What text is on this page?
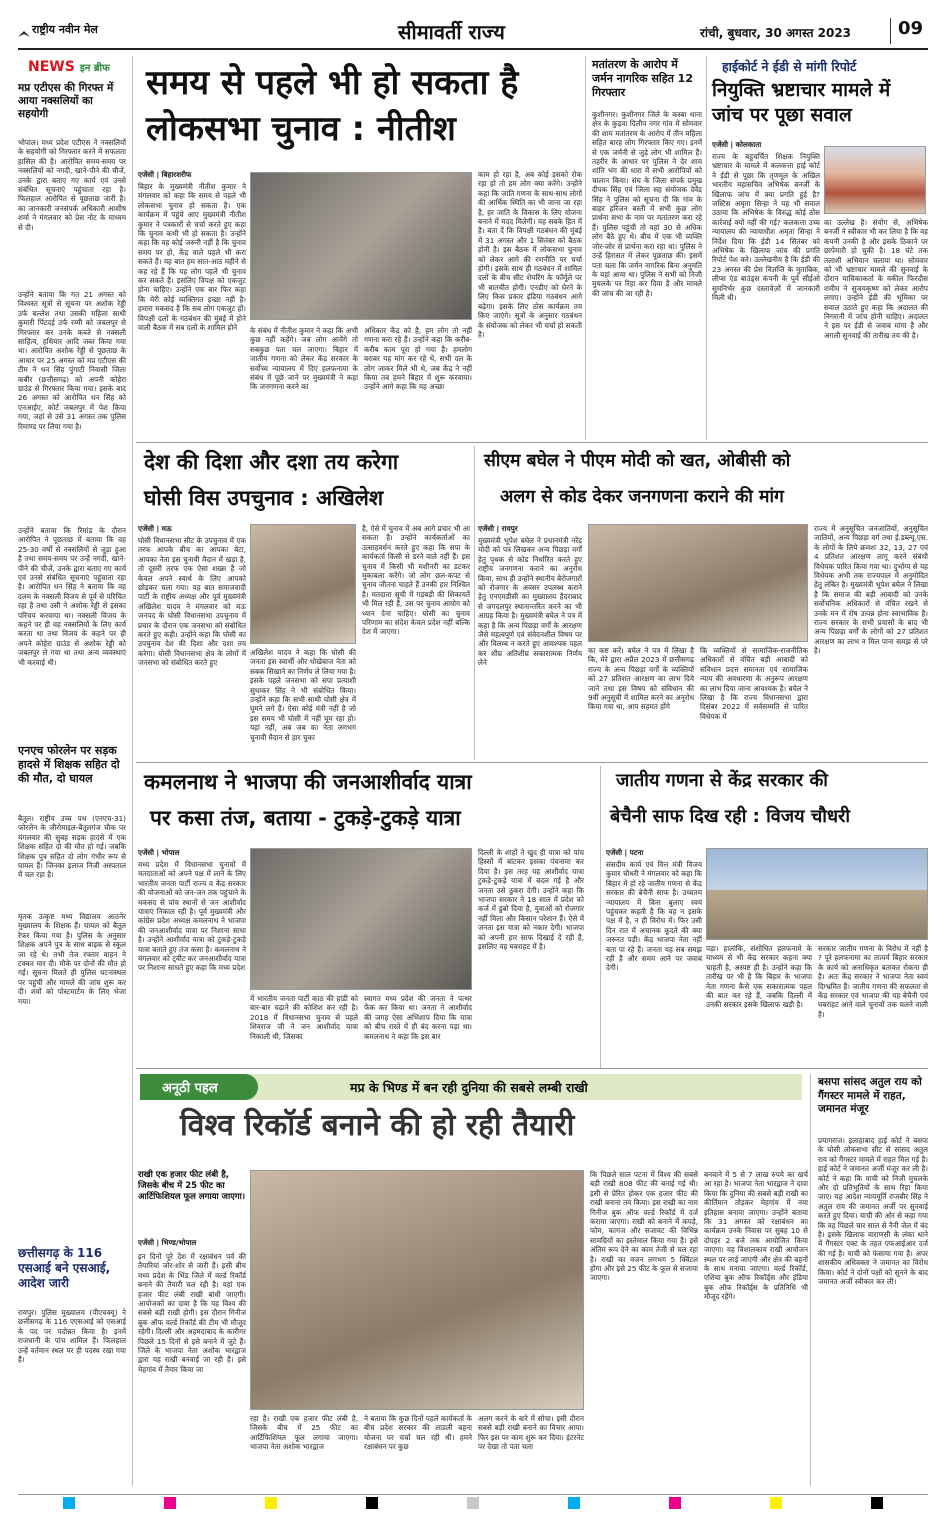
राष्ट्रीय नवीन मेल	सीमावर्ती राज्य	रांची, बुधवार, 30 अगस्त 2023	09
NEWS इन ब्रीफ
मप्र एटीएस की गिरफ्त में आया नक्सलियों का सहयोगी
भोपाल। मध्य प्रदेश एटीएस ने नक्सलियों के सहयोगी को गिरफ्तार करने में सफलता हासिल की है। आरोपित समय-समय पर नक्सलियों को नगदी, खाने-पीने की चीजें, उनके द्वारा बताए गए कार्य एवं उनसे संबंधित सूचनाएं पहुंचाता रहा है। फिलहाल आरोपित से पूछताछ जारी है। का जानकारी जनसंपर्क अधिकारी आशीष शर्मा ने मंगलवार को प्रेस नोट के माध्यम से दी।
उन्होंने बताया कि गत 21 अगस्त को विश्वस्त सूत्रों से सूचना पर अशोक रेड्डी उर्फ बल्लेश तथा उसकी महिला साथी कुमारी पिंटदई उर्फ रम्मी को जबलपुर से गिरफ्तार कर उनके कब्जे से नक्सली साहित्य, हथियार आदि जब्त किया गया था। आरोपित अशोक रेड्डी से पूछताछ के आधार पर 25 अगस्त को मप्र एटीएस की टीम ने धन सिंह पुंगाटी निवासी जिला कबीर (छत्तीसगढ़) को अपनी कोहेरा ग्राउंड से गिरफ्तार किया गया। इसके बाद 26 अगस्त को आरोपित धन सिंह को एनआईए, कोर्ट जबलपुर में पेश किया गया, जहां से उसे 31 अगस्त तक पुलिस रिमाण्ड पर लिया गया है।
उन्होंने बताया कि रिमांड के दौरान आरोपित ने पूछताछ में बताया कि वह 25-30 वर्षों से नक्सलियों से जुड़ा हुआ है तथा समय-समय पर उन्हें नगदी, खाने-पीने की चीजें, उनके द्वारा बताए गए कार्य एवं उनसे संबंधित सूचनाएं पहुंचाता रहा है। आरोपित धन सिंह ने बताया कि वह दलम के नक्सली विजय से पूर्व से परिचित रहा है तथा उसी ने अशोक रेड्डी से इसका परिचय करवाया था। नक्सली विजय के कहने पर ही वह नक्सलियों के लिए कार्य करता था तथा विजय के कहने पर ही अपने कोहेरा ग्राउंड से अशोक रेड्डी को जबलपुर ले गया था तथा अन्य व्यवस्थाएं भी करवाई थी।
एनएच फोरलेन पर सड़क हादसे में शिक्षक सहित दो की मौत, दो घायल
बैतूल। राष्ट्रीय उच्च पथ (एनएच-31) फोरलेन के जीरोमाइल-बैतूलगंज चौक पर मंगलवार की सुबह सड़क हादसे में एक शिक्षक सहित दो की मौत हो गई। जबकि शिक्षक पुत्र सहित दो लोग गंभीर रूप से घायल हैं। जिनका इलाज निजी अस्पताल में चल रहा है।
मृतक उत्कृष्ट मध्य विद्यालय आठनेर मुख्यालय के शिक्षक हैं। घायल को बैतूल रेफर किया गया है। पुलिस के अनुसार शिक्षक अपने पुत्र के साथ बाइक से स्कूल जा रहे थे। तभी तेज रफ्तार वाहन ने टक्कर मार दी। मौके पर दोनों की मौत हो गई। सूचना मिलते ही पुलिस घटनास्थल पर पहुंची और मामले की जांच शुरू कर दी। शवों को पोस्टमार्टम के लिए भेजा गया।
छत्तीसगढ़ के 116 एसआई बने एसआई, आदेश जारी
रायपुर। पुलिस मुख्यालय (पीएचक्यू) ने छत्तीसगढ़ के 116 एएसआई को एसआई के पद पर पदोन्नत किया है। इनमें राजधानी के पांच शामिल हैं। फिलहाल उन्हें वर्तमान स्थल पर ही पदस्थ रखा गया है।
समय से पहले भी हो सकता है लोकसभा चुनाव : नीतीश
एजेंसी | बिहारशरीफ
बिहार के मुख्यमंत्री नीतीश कुमार ने मंगलवार को कहा कि समय से पहले भी लोकसभा चुनाव हो सकता है। एक कार्यक्रम में पहुंचे आए मुख्यमंत्री नीतीश कुमार ने पत्रकारों से चर्चा करते हुए कहा कि चुनाव कभी भी हो सकता है। उन्होंने कहा कि वह कोई जरूरी नहीं है कि चुनाव समय पर हो, केंद्र वाले पहले भी करा सकते हैं। यह बात हम सात-आठ महीने से कह रहे हैं कि यह लोग पहले भी चुनाव कर सकते हैं। इसलिए विपक्ष को एकजुट होना चाहिए। उन्होंने एक बार फिर कहा कि मेरी कोई व्यक्तिगत इच्छा नहीं है। हमारा मकसद है कि सब लोग एकजुट हों। विपक्षी दलों के गठबंधन की मुंबई में होने वाली बैठक में सब दलों के शामिल होने	के संबंध में नीतीश कुमार ने कहा कि अभी कुछ नहीं कहेंगे। जब लोग आयेंगे तो सबकुछ पता चल जाएगा। बिहार में जातीय गणना को लेकर केंद्र सरकार के सर्वोच्च न्यायालय में दिए हलफनामा के संबंध में पूछे जाने पर मुख्यमंत्री ने कहा कि जनगणना करने का
अधिकार केंद्र को है, हम लोग तो नहीं गणना करा रहे हैं। उन्होंने कहा कि करीब-करीब काम पूरा हो गया है। हमलोग बराबर यह मांग कर रहे थे, सभी दल के लोग जाकर मिले भी थे, जब केंद्र ने नहीं किया तब हमने बिहार में शुरू करवाया। उन्होंने आगे कहा कि यह अच्छा
काम हो रहा है, अब कोई इसको रोक रहा हो तो हम लोग क्या करेंगे। उन्होंने कहा कि जाति गणना के साथ-साथ लोगों की आर्थिक स्थिति का भी जाना जा रहा है, हर जाति के विकास के लिए योजना बनाने में मदद मिलेगी। यह सबके हित में है। बता दें कि विपक्षी गठबंधन की मुंबई में 31 अगस्त और 1 सितंबर को बैठक होनी है। इस बैठक में लोकसभा चुनाव को लेकर आगे की रणनीति पर चर्चा होगी। इसके साथ ही गठबंधन में शामिल दलों के बीच सीट शेयरिंग के फॉर्मूले पर भी बातचीत होगी। एनडीए को घेरने के लिए किस प्रकार इंडिया गठबंधन आगे बढ़ेगा। इसके लिए ठोस कार्यक्रम तय किए जाएंगे। सूत्रों के अनुसार गठबंधन के संयोजक को लेकर भी चर्चा हो सकती है।
मतांतरण के आरोप में जर्मन नागरिक सहित 12 गिरफ्तार
कुशीनगर। कुशीनगर जिले के कस्बा थाना क्षेत्र के कुड़वा दिलीप नगर गांव में सोमवार की शाम मतांतरण के आरोप में तीन महिला सहित बारह लोग गिरफ्तार किए गए। इनमें से एक जर्मनी से जुड़े लोग भी शामिल हैं। तहरीर के आधार पर पुलिस ने देर शाम शांति भंग की धारा में सभी आरोपियों को चालान किया। संघ के जिला संपर्क प्रमुख दीपक सिंह एवं जिला सह संयोजक देवेंद्र सिंह ने पुलिस को सूचना दी कि गांव के बाहर हरिजन बस्ती में सभी कुछ लोग प्रार्थना सभा के नाम पर मतांतरण करा रहे हैं। पुलिस पहुंची तो वहां 30 से अधिक लोग बैठे हुए थे। बीच में एक भी व्यक्ति जोर-जोर से प्रार्थना करा रहा था। पुलिस ने उन्हें हिरासत में लेकर पूछताछ की। इसमें पता चला कि जर्मन नागरिक बिना अनुमति के यहां आया था। पुलिस ने सभी को निजी मुचलके पर रिहा कर दिया है और मामले की जांच की जा रही है।
हाईकोर्ट ने ईडी से मांगी रिपोर्ट
नियुक्ति भ्रष्टाचार मामले में जांच पर पूछा सवाल
एजेंसी | कोलकाता
राज्य के बहुचर्चित शिक्षक नियुक्ति भ्रष्टाचार के मामले में कलकत्ता हाई कोर्ट ने ईडी से पूछा कि तृणमूल के अखिल भारतीय महासचिव अभिषेक बनर्जी के खिलाफ जांच में क्या प्रगति हुई है? जस्टिस अमृता सिन्हा ने यह भी सवाल उठाया कि अभिषेक के विरुद्ध कोई ठोस कार्रवाई क्यों नहीं की गई? कलकत्ता उच्च न्यायालय की न्यायाधीश अमृता सिन्हा ने निर्देश दिया कि ईडी 14 सितंबर को अभिषेक के खिलाफ जांच की प्रगति रिपोर्ट पेश करे। उल्लेखनीय है कि ईडी की 23 अगस्त की प्रेस विज्ञप्ति के मुताबिक, लीप्स एंड बाउंड्स कंपनी के पूर्व सीईओ सुमनिर्भर कुछ दस्तावेज़ों में जानकारी मिली थी।
का उल्लेख है। संयोग से, अभिषेक बनर्जी ने स्वीकार भी कर लिया है कि वह कंपनी उनकी है और इसके ठिकाने पर छापेमारी हो चुकी है। 18 घंटे तक तलाशी अभियान चलाया था। सोमवार को भी भ्रष्टाचार मामले की सुनवाई के दौरान याचिकाकर्ता के वकील फिरदौस शमीम ने सुजयकृष्ण को लेकर आरोप लगाए। उन्होंने ईडी की भूमिका पर सवाल उठाते हुए कहा कि अदालत की निगरानी में जांच होनी चाहिए। अदालत ने इस पर ईडी से जवाब मांगा है और अगली सुनवाई की तारीख तय की है।
देश की दिशा और दशा तय करेगा
घोसी विस उपचुनाव : अखिलेश
एजेंसी | मऊ
घोसी विधानसभा सीट के उपचुनाव में एक तरफ आपके बीच का आपका बेटा, आपका नेता इस चुनावी मैदान में खड़ा है, तो दूसरी तरफ एक ऐसा शख्स है जो केवल अपने स्वार्थ के लिए आपको छोड़कर चला गया। यह बात समाजवादी पार्टी के राष्ट्रीय अध्यक्ष और पूर्व मुख्यमंत्री अखिलेश यादव ने मंगलवार को मऊ जनपद के घोसी विधानसभा उपचुनाव में प्रचार के दौरान एक जनसभा को संबोधित करते हुए कही। उन्होंने कहा कि घोसी का उपचुनाव देश की दिशा और दशा तय करेगा। घोसी विधानसभा क्षेत्र के लोगों में जनसभा को संबोधित करते हुए
अखिलेश यादव ने कहा कि घोसी की जनता इस स्वार्थी और धोखेबाज नेता को सबक सिखाने का निर्णय ले लिया गया है। इसके पहले जनसभा को सपा प्रत्याशी सुधाकर सिंह ने भी संबोधित किया। उन्होंने कहा कि सभी साथी घोसी क्षेत्र में घूमने लगे हैं। ऐसा कोई मंत्री नहीं है जो इस समय भी घोसी में नहीं घूम रहा हो। यहां नहीं, अब जब का नेता लगभग चुनावी मैदान से हार चुका
है, ऐसे में चुनाव में अब आगे प्रचार भी आ सकता है। उन्होंने कार्यकर्ताओं का उत्साहवर्धन करते हुए कहा कि सपा के कार्यकर्ता किसी से डरने वाले नहीं हैं। इस चुनाव में किसी भी मशीनरी का डटकर मुकाबला करेंगे। जो लोग छल-कपट से चुनाव जीतना चाहते हैं उनकी हार निश्चित है। मतदाता सूची में गड़बड़ी की शिकायतें भी मिल रही हैं, उस पर चुनाव आयोग को ध्यान देना चाहिए। घोसी का चुनाव परिणाम का संदेश केवल प्रदेश नहीं बल्कि देश में जाएगा।
सीएम बघेल ने पीएम मोदी को खत, ओबीसी को
अलग से कोड देकर जनगणना कराने की मांग
एजेंसी | रायपुर
मुख्यमंत्री भूपेश बघेल ने प्रधानमंत्री नरेंद्र मोदी को पत्र लिखकर अन्य पिछड़ा वर्गों हेतु पृथक से कोड निर्धारित करते हुए राष्ट्रीय जनगणना कराने का अनुरोध किया, साथ ही उन्होंने स्थानीय बेरोजगारों को रोजगार के अवसर उपलब्ध कराने हेतु एनएमडीसी का मुख्यालय हैदराबाद से जगदलपुर स्थानान्तरित करने का भी आग्रह किया है। मुख्यमंत्री बघेल ने पत्र में कहा है कि अन्य पिछड़ा वर्गों के आरक्षण जैसे महत्वपूर्ण एवं संवेदनशील विषय पर और विलम्ब न करते हुए आवश्यक पहल कर शीघ्र अतिशीघ्र सकारात्मक निर्णय लेने
का कष्ट करें। बघेल ने पत्र में लिखा है कि, मेरे द्वारा अप्रैल 2023 में छत्तीसगढ़ राज्य के अन्य पिछड़ा वर्गों के व्यक्तियों को 27 प्रतिशत आरक्षण का लाभ दिये जाने तथा इस विषय को संविधान की 9वीं अनुसूची में शामिल करने का अनुरोध किया गया था, आप सहमत होंगे
कि व्यक्तियों से सामाजिक-राजनीतिक अधिकारों से वंचित बड़ी आबादी को संविधान प्रदत्त समानता एवं सामाजिक न्याय की अवधारणा के अनुरूप आरक्षण का लाभ दिया जाना आवश्यक है। बघेल ने लिखा है कि राज्य विधानसभा द्वारा दिसंबर 2022 में सर्वसम्मति से पारित विधेयक में
राज्य में अनुसूचित जनजातियों, अनुसूचित जातियों, अन्य पिछड़ा वर्ग तथा ई.डब्ल्यू.एस. के लोगों के लिये क्रमशः 32, 13, 27 एवं 4 प्रतिशत आरक्षण लागू करने संबंधी विधेयक पारित किया गया था। दुर्भाग्य से यह विधेयक अभी तक राज्यपाल में अनुमोदित हेतु लंबित है। मुख्यमंत्री भूपेश बघेल ने लिखा है कि समाज की बड़ी आबादी को उनके सर्वोचनिक अधिकारों से वंचित रखने से उनके मन में रोष उत्पन्न होना स्वाभाविक है। राज्य सरकार के सभी प्रयासों के बाद भी अन्य पिछड़ा वर्गों के लोगों को 27 प्रतिशत आरक्षण का लाभ न मिल पाना समझ से परे है।
कमलनाथ ने भाजपा की जनआशीर्वाद यात्रा
पर कसा तंज, बताया - टुकड़े-टुकड़े यात्रा
एजेंसी | भोपाल
मध्य प्रदेश में विधानसभा चुनावों में मतदाताओं को अपने पक्ष में लाने के लिए भारतीय जनता पार्टी राज्य व केंद्र सरकार की योजनाओं को जन-जन तक पहुंचाने के मकसद से पांच स्थानों से जन आशीर्वाद यात्राएं निकाल रही है। पूर्व मुख्यमंत्री और कांग्रेस प्रदेश अध्यक्ष कमलनाथ ने भाजपा की जनआशीर्वाद यात्रा पर निशाना साधा है। उन्होंने आशीर्वाद यात्रा को टुकड़े-टुकड़े यात्रा बताते हुए तंज कसा है। कमलनाथ ने मंगलवार को ट्वीट कर जनआशीर्वाद यात्रा पर निशाना साधते हुए कहा कि मध्य प्रदेश
में भारतीय जनता पार्टी काठ की हांडी को बार-बार चढ़ाने की कोशिश कर रही है। 2018 में विधानसभा चुनाव से पहले शिवराज जी ने जन आशीर्वाद यात्रा निकाली थी, जिसका
स्वागत मध्य प्रदेश की जनता ने पत्थर फेंक कर किया था। जनता ने आशीर्वाद की जगह ऐसा अभिशाप दिया कि यात्रा को बीच रास्ते में ही बंद करना पड़ा था। कमलनाथ ने कहा कि इस बार
दिल्ली के शाहों ने खुद ही यात्रा को पांच हिस्सों में बांटकर इसका पंचनामा कर दिया है। इस तरह यह आशीर्वाद यात्रा टुकड़े-टुकड़े यात्रा में बदल गई है और जनता उसे ठुकरा देगी। उन्होंने कहा कि भाजपा सरकार ने 18 साल में प्रदेश को कर्ज में डुबो दिया है, युवाओं को रोजगार नहीं मिला और किसान परेशान हैं। ऐसे में जनता इस यात्रा को नकार देगी। भाजपा को अपनी हार साफ दिखाई दे रही है, इसलिए वह घबराहट में है।
जातीय गणना से केंद्र सरकार की
बेचैनी साफ दिख रही : विजय चौधरी
एजेंसी | पटना
संसदीय कार्य एवं वित्त मंत्री विजय कुमार चौधरी ने मंगलवार को कहा कि बिहार में हो रहे जातीय गणना से केंद्र सरकार की बेचैनी साफ है। उच्चतम न्यायालय में बिना बुलाए स्वयं पहुंचकर कहती है कि वह न इसके पक्ष में है, न ही विरोध में। फिर उसी दिन रात में अचानक कूदते की क्या जरूरत पड़ी। केंद्र भाजपा नेता नहीं बता पा रहे हैं। जनता यह सब समझ रही है और समय आने पर जवाब देगी।
पड़ा। हालांकि, संशोधित हलफनामे के माध्यम से भी केंद्र सरकार कहना क्या चाहती है, अस्पष्ट ही है। उन्होंने कहा कि तारीख पर भी है कि बिहार के भाजपा नेता गणना कैसे एक सकारात्मक पहल की बात कर रहे हैं, जबकि दिल्ली में उनकी सरकार इसके खिलाफ खड़ी है।
सरकार जातीय गणना के विरोध में नहीं है ? पूरे हलफनामा का तात्पर्य बिहार सरकार के कार्य को अनाधिकृत बताकर रोकना ही है। अतः केंद्र सरकार ने भाजपा नेता स्वयं दिग्भ्रमित हैं। जातीय गणना की सफलता से केंद्र सरकार एवं भाजपा की यह बेचैनी एवं घबराहट आने वाले चुनावों तक चलने वाली है।
अनूठी पहल	मप्र के भिण्ड में बन रही दुनिया की सबसे लम्बी राखी
विश्व रिकॉर्ड बनाने की हो रही तैयारी
राखी एक हजार फीट लंबी है, जिसके बीच में 25 फीट का आर्टिफिशियल फूल लगाया जाएगा।
एजेंसी | भिण्ड/भोपाल
इन दिनों पूरे देश में रक्षाबंधन पर्व की तैयारियां जोर-शोर से जारी हैं। इसी बीच मध्य प्रदेश के भिंड जिले में वर्ल्ड रिकॉर्ड बनाने की तैयारी चल रही है। यहां एक हजार फीट लंबी राखी बांधी जाएगी। आयोजकों का दावा है कि यह विश्व की सबसे बड़ी राखी होगी। इस दौरान गिनीज बुक ऑफ वर्ल्ड रिकॉर्ड की टीम भी मौजूद रहेगी। दिल्ली और अहमदाबाद के कारीगर पिछले 15 दिनों से इसे बनाने में जुटे हैं। जिले के भाजपा नेता अशोक भारद्वाज द्वारा यह राखी बनवाई जा रही है। इसे मेहगांव में तैयार किया जा
रहा है। राखी एक हजार फीट लंबी है, जिसके बीच में 25 फीट का आर्टिफिशियल फूल लगाया जाएगा। भाजपा नेता अशोक भारद्वाज
ने बताया कि कुछ दिनों पहले कार्यकर्ता के बीच प्रदेश सरकार की लाडली बहना योजना पर चर्चा चल रही थी। हमने रक्षाबंधन पर कुछ
अलग करने के बारे में सोचा। इसी दौरान सबसे बड़ी राखी बनाने का विचार आया। फिर इस पर काम शुरू कर दिया। इंटरनेट पर देखा तो पता चला
कि पिछले साल पटना में विश्व की सबसे बड़ी राखी 808 फीट की बनाई गई थी। इसी से प्रेरित होकर एक हजार फीट की राखी बनाना तय किया। इस राखी का नाम गिनीज बुक ऑफ वर्ल्ड रिकॉर्ड में दर्ज कराया जाएगा। राखी को बनाने में कपड़े, फोम, कागज और सजावट की विभिन्न सामग्रियों का इस्तेमाल किया गया है। इसे अंतिम रूप देने का काम तेजी से चल रहा है। राखी का वजन लगभग 5 क्विंटल होगा और इसे 25 फीट के फूल से सजाया जाएगा।
बनवाने में 5 से 7 लाख रुपये का खर्च आ रहा है। भाजपा नेता भारद्वाज ने दावा किया कि दुनिया की सबसे बड़ी राखी का कीर्तिमान तोड़कर मेहगांव में नया इतिहास बनाया जाएगा। उन्होंने बताया कि 31 अगस्त को रक्षाबंधन का कार्यक्रम उनके निवास पर सुबह 10 से दोपहर 2 बजे तक आयोजित किया जाएगा। यह विशालकाय राखी आयोजन स्थल पर लाई जाएगी और क्षेत्र की बहनों के साथ मनाया जाएगा। वर्ल्ड रिकॉर्ड, एशिया बुक ऑफ रिकॉर्ड्स और इंडिया बुक ऑफ रिकॉर्ड्स के प्रतिनिधि भी मौजूद रहेंगे।
बसपा सांसद अतुल राय को गैंगस्टर मामले में राहत, जमानत मंजूर
प्रयागराज। इलाहाबाद हाई कोर्ट ने बसपा के घोसी लोकसभा सीट से सांसद अतुल राय को गैंगस्टर मामले में राहत मिल गई है। हाई कोर्ट ने जमानत अर्जी मंजूर कर ली है। कोर्ट ने कहा कि याची को निजी मुचलके और दो प्रतिभूतियों के साथ रिहा किया जाए। यह आदेश न्यायमूर्ति राजबीर सिंह ने अतुल राय की जमानत अर्जी पर सुनवाई करते हुए दिया। याची की ओर से कहा गया कि वह पिछले चार साल से नैनी जेल में बंद है। इसके खिलाफ वाराणसी के लंका थाने में गैंगस्टर एक्ट के तहत एफआईआर दर्ज की गई है। याची को फंसाया गया है। अपर शासकीय अधिवक्ता ने जमानत का विरोध किया। कोर्ट ने दोनों पक्षों को सुनने के बाद जमानत अर्जी स्वीकार कर ली।
